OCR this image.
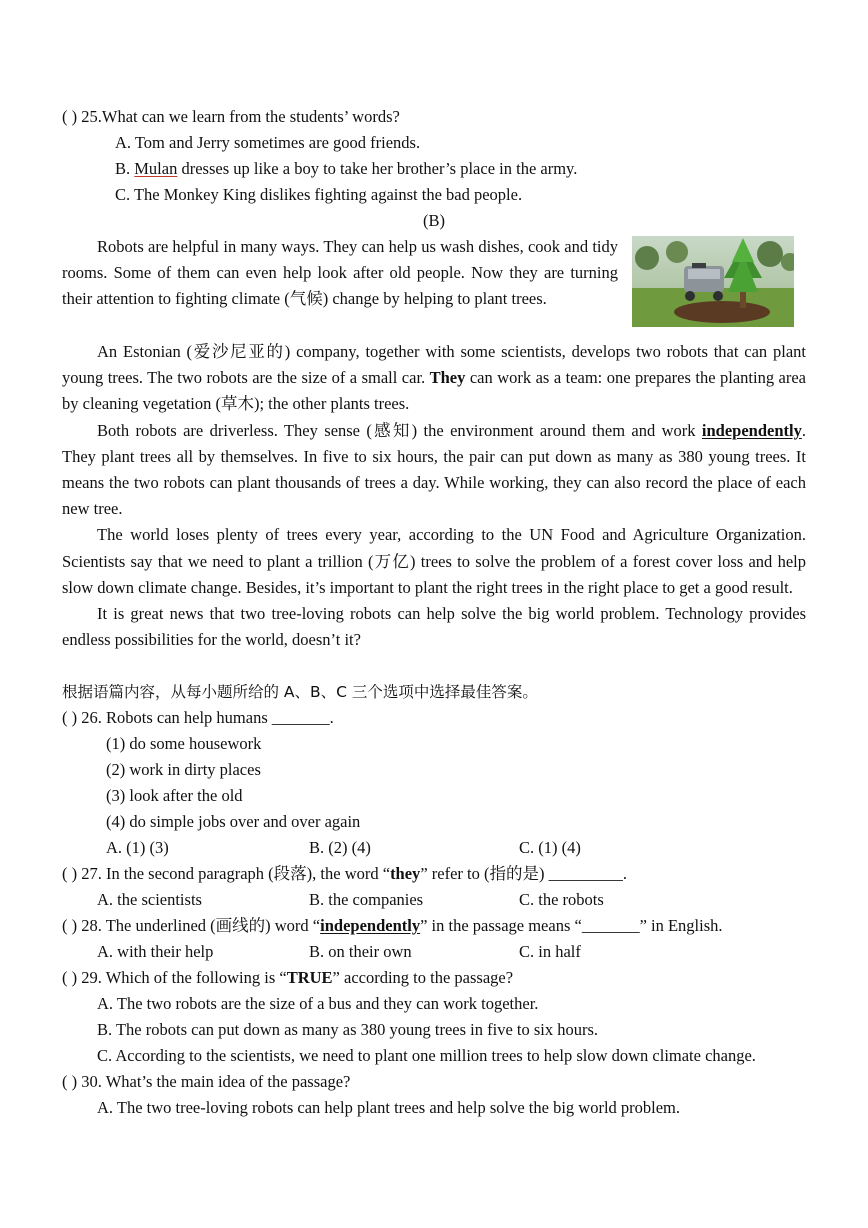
( ) 25.What can we learn from the students’ words?
A. Tom and Jerry sometimes are good friends.
B. Mulan dresses up like a boy to take her brother’s place in the army.
C. The Monkey King dislikes fighting against the bad people.
(B)

Robots are helpful in many ways. They can help us wash dishes, cook and tidy rooms. Some of them can even help look after old people. Now they are turning their attention to fighting climate (气候) change by helping to plant trees.

An Estonian (爱沙尼亚的) company, together with some scientists, develops two robots that can plant young trees. The two robots are the size of a small car. They can work as a team: one prepares the planting area by cleaning vegetation (草木); the other plants trees.

Both robots are driverless. They sense (感知) the environment around them and work independently. They plant trees all by themselves. In five to six hours, the pair can put down as many as 380 young trees. It means the two robots can plant thousands of trees a day. While working, they can also record the place of each new tree.

The world loses plenty of trees every year, according to the UN Food and Agriculture Organization. Scientists say that we need to plant a trillion (万亿) trees to solve the problem of a forest cover loss and help slow down climate change. Besides, it’s important to plant the right trees in the right place to get a good result.

It is great news that two tree-loving robots can help solve the big world problem. Technology provides endless possibilities for the world, doesn’t it?

根据语篇内容，从每小题所给的 A、B、C 三个选项中选择最佳答案。
( ) 26. Robots can help humans _______.
(1) do some housework
(2) work in dirty places
(3) look after the old
(4) do simple jobs over and over again
A. (1) (3)	B. (2) (4)	C. (1) (4)
( ) 27. In the second paragraph (段落), the word “they” refer to (指的是) _________.
A. the scientists	B. the companies	C. the robots
( ) 28. The underlined (画线的) word “independently” in the passage means “_______” in English.
A. with their help	B. on their own	C. in half
( ) 29. Which of the following is “TRUE” according to the passage?
A. The two robots are the size of a bus and they can work together.
B. The robots can put down as many as 380 young trees in five to six hours.
C. According to the scientists, we need to plant one million trees to help slow down climate change.
( ) 30. What’s the main idea of the passage?
A. The two tree-loving robots can help plant trees and help solve the big world problem.
